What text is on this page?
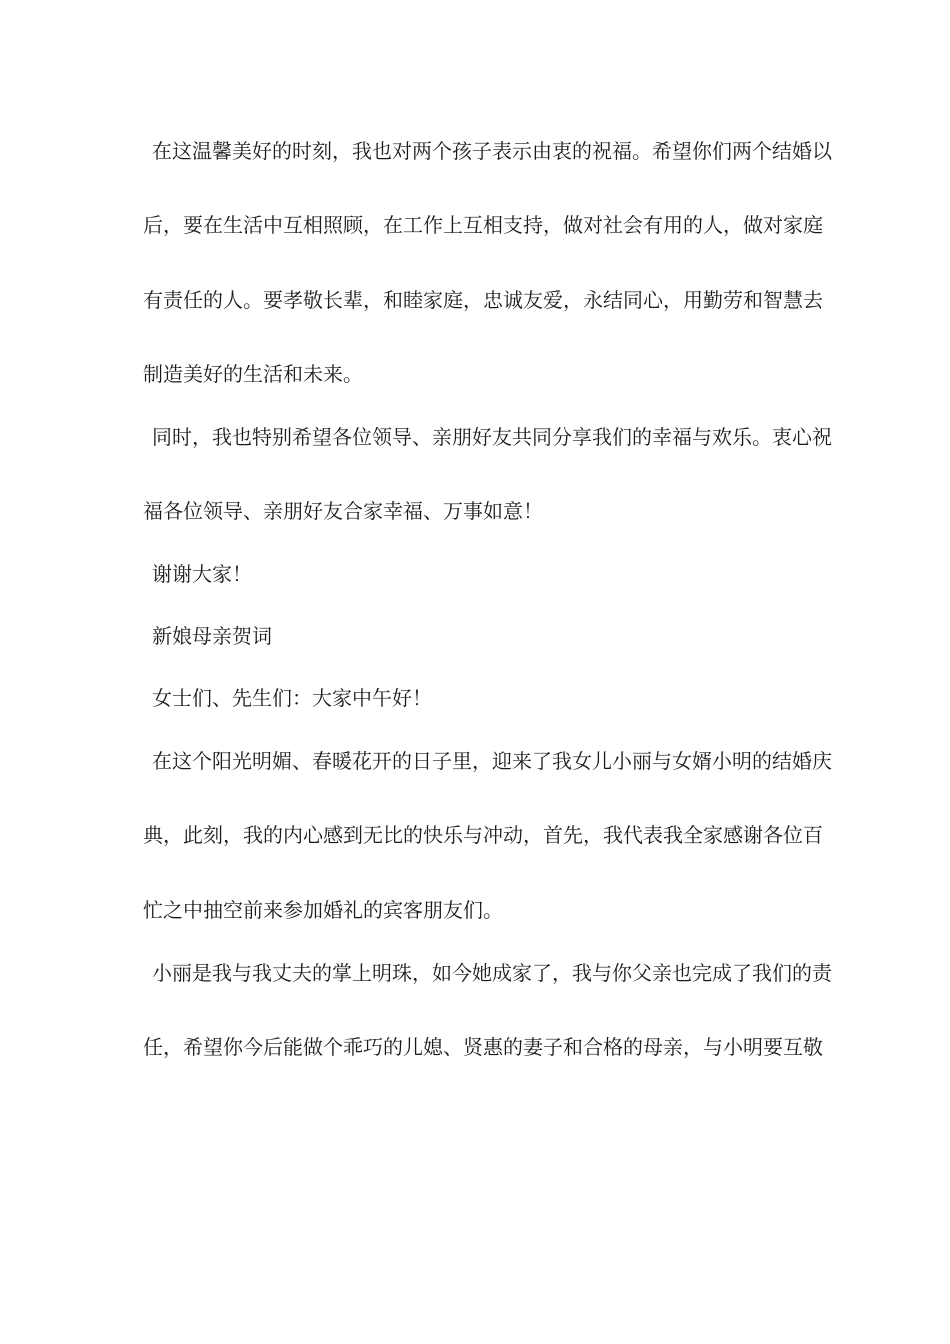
在这温馨美好的时刻，我也对两个孩子表示由衷的祝福。希望你们两个结婚以
后，要在生活中互相照顾，在工作上互相支持，做对社会有用的人，做对家庭
有责任的人。要孝敬长辈，和睦家庭，忠诚友爱，永结同心，用勤劳和智慧去
制造美好的生活和未来。
同时，我也特别希望各位领导、亲朋好友共同分享我们的幸福与欢乐。衷心祝
福各位领导、亲朋好友合家幸福、万事如意！
谢谢大家！
新娘母亲贺词
女士们、先生们：大家中午好！
在这个阳光明媚、春暖花开的日子里，迎来了我女儿小丽与女婿小明的结婚庆
典，此刻，我的内心感到无比的快乐与冲动，首先，我代表我全家感谢各位百
忙之中抽空前来参加婚礼的宾客朋友们。
小丽是我与我丈夫的掌上明珠，如今她成家了，我与你父亲也完成了我们的责
任，希望你今后能做个乖巧的儿媳、贤惠的妻子和合格的母亲，与小明要互敬
